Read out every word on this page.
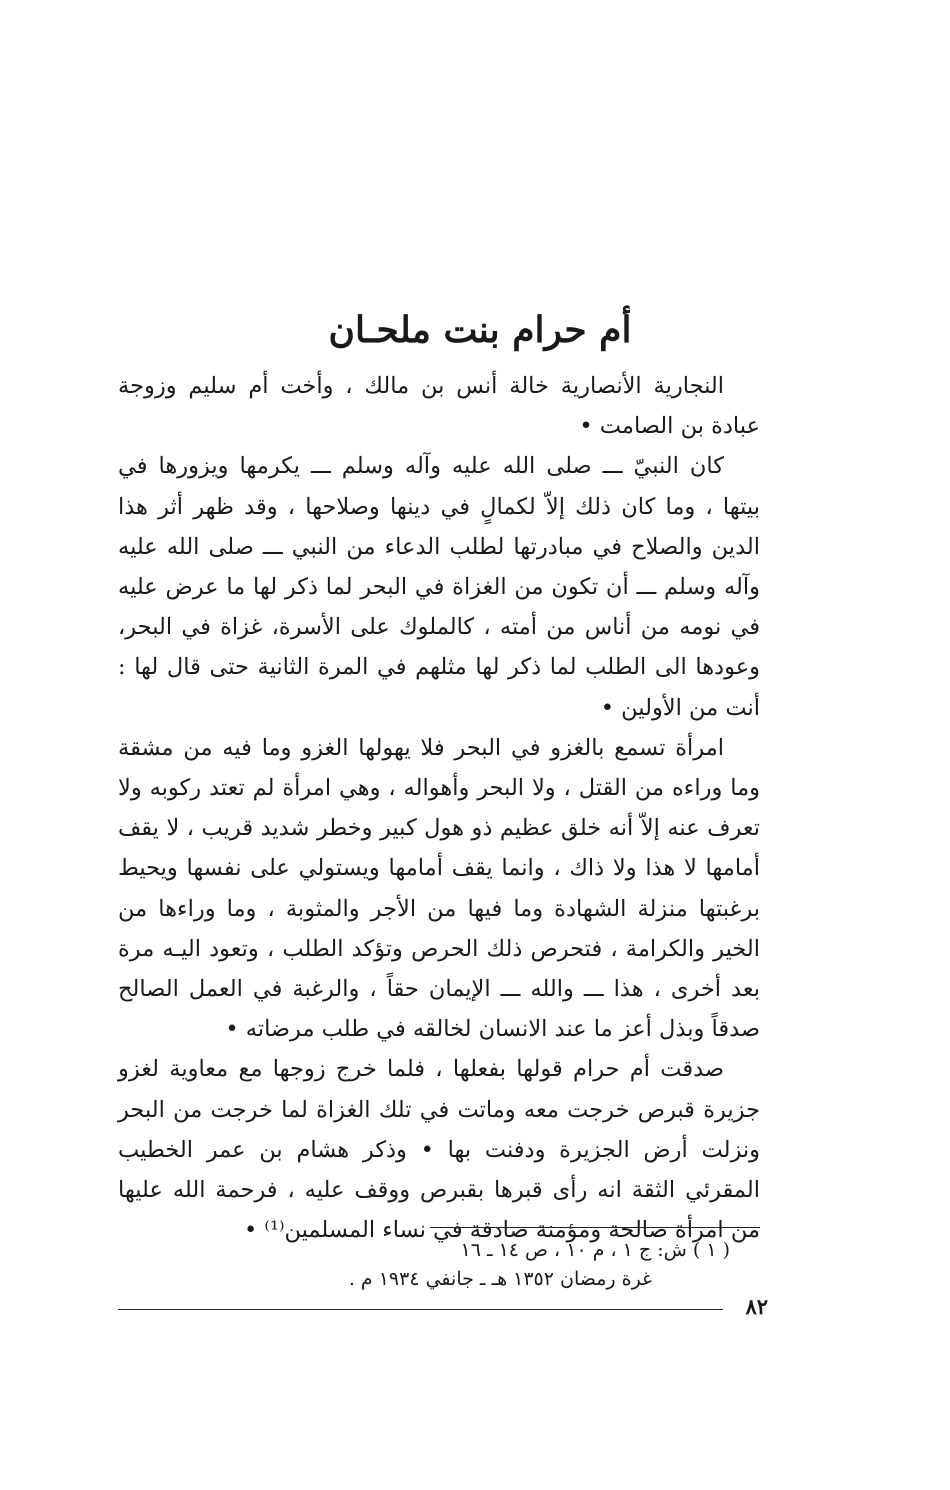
أم حرام بنت ملحـان

النجارية الأنصارية خالة أنس بن مالك ، وأخت أم سليم وزوجة عبادة بن الصامت •

كان النبيّ ـــ صلى الله عليه وآله وسلم ـــ يكرمها ويزورها في بيتها ، وما كان ذلك إلاّ لكمالٍ في دينها وصلاحها ، وقد ظهر أثر هذا الدين والصلاح في مبادرتها لطلب الدعاء من النبي ـــ صلى الله عليه وآله وسلم ـــ أن تكون من الغزاة في البحر لما ذكر لها ما عرض عليه في نومه من أناس من أمته ، كالملوك على الأسرة، غزاة في البحر، وعودها الى الطلب لما ذكر لها مثلهم في المرة الثانية حتى قال لها : أنت من الأولين •

امرأة تسمع بالغزو في البحر فلا يهولها الغزو وما فيه من مشقة وما وراءه من القتل ، ولا البحر وأهواله ، وهي امرأة لم تعتد ركوبه ولا تعرف عنه إلاّ أنه خلق عظيم ذو هول كبير وخطر شديد قريب ، لا يقف أمامها لا هذا ولا ذاك ، وانما يقف أمامها ويستولي على نفسها ويحيط برغبتها منزلة الشهادة وما فيها من الأجر والمثوبة ، وما وراءها من الخير والكرامة ، فتحرص ذلك الحرص وتؤكد الطلب ، وتعود اليـه مرة بعد أخرى ، هذا ـــ والله ـــ الإيمان حقاً ، والرغبة في العمل الصالح صدقاً وبذل أعز ما عند الانسان لخالقه في طلب مرضاته •

صدقت أم حرام قولها بفعلها ، فلما خرج زوجها مع معاوية لغزو جزيرة قبرص خرجت معه وماتت في تلك الغزاة لما خرجت من البحر ونزلت أرض الجزيرة ودفنت بها • وذكر هشام بن عمر الخطيب المقرئي الثقة انه رأى قبرها بقبرص ووقف عليه ، فرحمة الله عليها من امرأة صالحة ومؤمنة صادقة في نساء المسلمين⁽¹⁾ •

( ١ ) ش: ج ١ ، م ١٠ ، ص ١٤ ـ ١٦
غرة رمضان ١٣٥٢ هـ ـ جانفي ١٩٣٤ م .
٨٢
